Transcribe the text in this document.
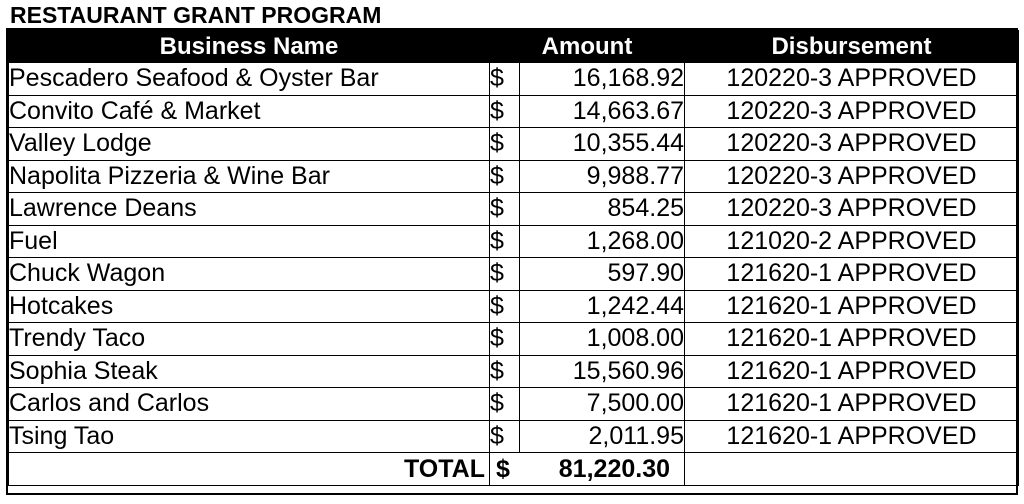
RESTAURANT GRANT PROGRAM
Business Name	Amount		Disbursement
Pescadero Seafood & Oyster Bar	$	16,168.92	120220-3 APPROVED
Convito Café & Market	$	14,663.67	120220-3 APPROVED
Valley Lodge	$	10,355.44	120220-3 APPROVED
Napolita Pizzeria & Wine Bar	$	9,988.77	120220-3 APPROVED
Lawrence Deans	$	854.25	120220-3 APPROVED
Fuel	$	1,268.00	121020-2 APPROVED
Chuck Wagon	$	597.90	121620-1 APPROVED
Hotcakes	$	1,242.44	121620-1 APPROVED
Trendy Taco	$	1,008.00	121620-1 APPROVED
Sophia Steak	$	15,560.96	121620-1 APPROVED
Carlos and Carlos	$	7,500.00	121620-1 APPROVED
Tsing Tao	$	2,011.95	121620-1 APPROVED
TOTAL	$	81,220.30	
